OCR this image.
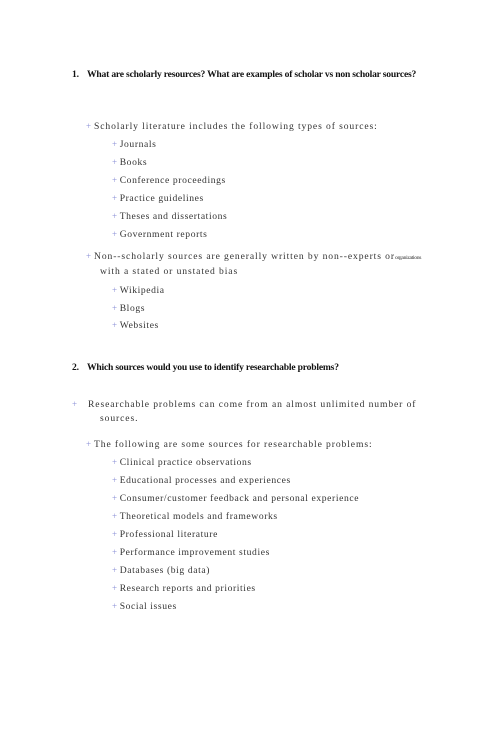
1. What are scholarly resources? What are examples of scholar vs non scholar sources?
+ Scholarly literature includes the following types of sources:
+ Journals
+ Books
+ Conference proceedings
+ Practice guidelines
+ Theses and dissertations
+ Government reports
+ Non--scholarly sources are generally written by non--experts ororganizations
with a stated or unstated bias
+ Wikipedia
+ Blogs
+ Websites
2. Which sources would you use to identify researchable problems?
+ Researchable problems can come from an almost unlimited number of sources.
+ The following are some sources for researchable problems:
+ Clinical practice observations
+ Educational processes and experiences
+ Consumer/customer feedback and personal experience
+ Theoretical models and frameworks
+ Professional literature
+ Performance improvement studies
+ Databases (big data)
+ Research reports and priorities
+ Social issues
